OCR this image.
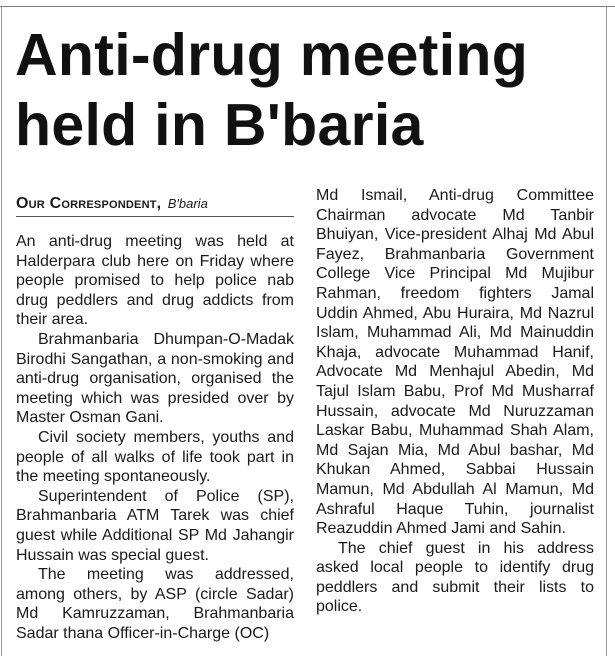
Anti-drug meeting
held in B'baria
Our Correspondent, B'baria

An anti-drug meeting was held at Halderpara club here on Friday where people promised to help police nab drug peddlers and drug addicts from their area.

Brahmanbaria Dhumpan-O-Madak Birodhi Sangathan, a non-smoking and anti-drug organisation, organised the meeting which was presided over by Master Osman Gani.

Civil society members, youths and people of all walks of life took part in the meeting spontaneously.

Superintendent of Police (SP), Brahmanbaria ATM Tarek was chief guest while Additional SP Md Jahangir Hussain was special guest.

The meeting was addressed, among others, by ASP (circle Sadar) Md Kamruzzaman, Brahmanbaria Sadar thana Officer-in-Charge (OC)

Md Ismail, Anti-drug Committee Chairman advocate Md Tanbir Bhuiyan, Vice-president Alhaj Md Abul Fayez, Brahmanbaria Government College Vice Principal Md Mujibur Rahman, freedom fighters Jamal Uddin Ahmed, Abu Huraira, Md Nazrul Islam, Muhammad Ali, Md Mainuddin Khaja, advocate Muhammad Hanif, Advocate Md Menhajul Abedin, Md Tajul Islam Babu, Prof Md Musharraf Hussain, advocate Md Nuruzzaman Laskar Babu, Muhammad Shah Alam, Md Sajan Mia, Md Abul bashar, Md Khukan Ahmed, Sabbai Hussain Mamun, Md Abdullah Al Mamun, Md Ashraful Haque Tuhin, journalist Reazuddin Ahmed Jami and Sahin.

The chief guest in his address asked local people to identify drug peddlers and submit their lists to police.
